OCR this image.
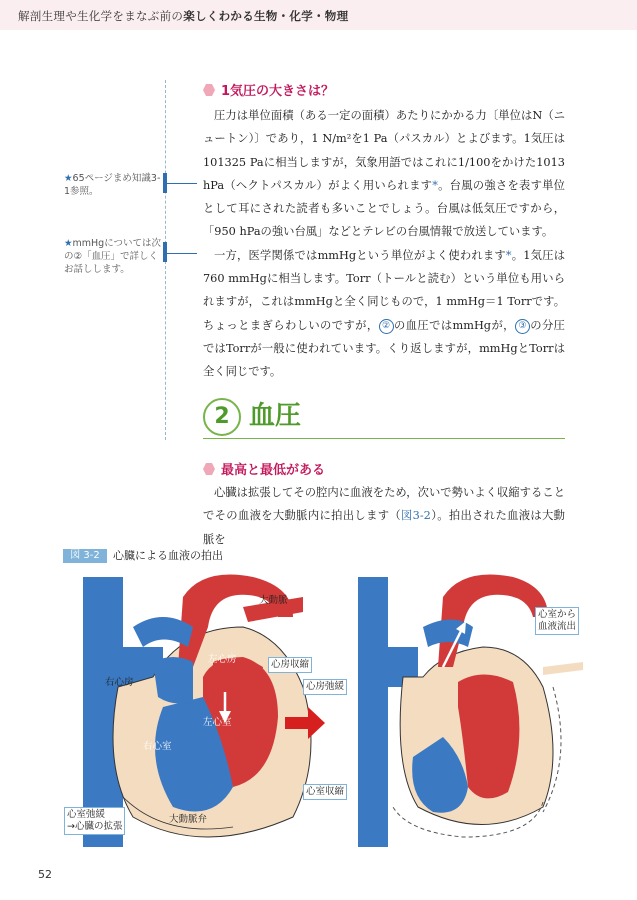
解剖生理や生化学をまなぶ前の楽しくわかる生物・化学・物理
★65ページまめ知識3-1参照。
★mmHgについては次の②「血圧」で詳しくお話しします。
1気圧の大きさは？

圧力は単位面積（ある一定の面積）あたりにかかる力〔単位はN（ニュートン）〕であり，1 N/m²を1 Pa（パスカル）とよびます。1気圧は101325 Paに相当しますが，気象用語ではこれに1/100をかけた1013 hPa（ヘクトパスカル）がよく用いられます*。台風の強さを表す単位として耳にされた読者も多いことでしょう。台風は低気圧ですから，「950 hPaの強い台風」などとテレビの台風情報で放送しています。

一方，医学関係ではmmHgという単位がよく使われます*。1気圧は760 mmHgに相当します。Torr（トールと読む）という単位も用いられますが，これはmmHgと全く同じもので，1 mmHg＝1 Torrです。ちょっとまぎらわしいのですが， ② の血圧ではmmHgが， ③ の分圧ではTorrが一般に使われています。くり返しますが，mmHgとTorrは全く同じです。

2 血圧
最高と最低がある

心臓は拡張してその腔内に血液をため，次いで勢いよく収縮することでその血液を大動脈内に拍出します（図3-2）。拍出された血液は大動脈を

図 3-2	心臓による血液の拍出
大動脈
左心房	心房収縮
右心房
左心室
右心室
心室弛緩
→心臓の拡張
大動脈弁
心室から
血液流出
心房弛緩
心室収縮
52
